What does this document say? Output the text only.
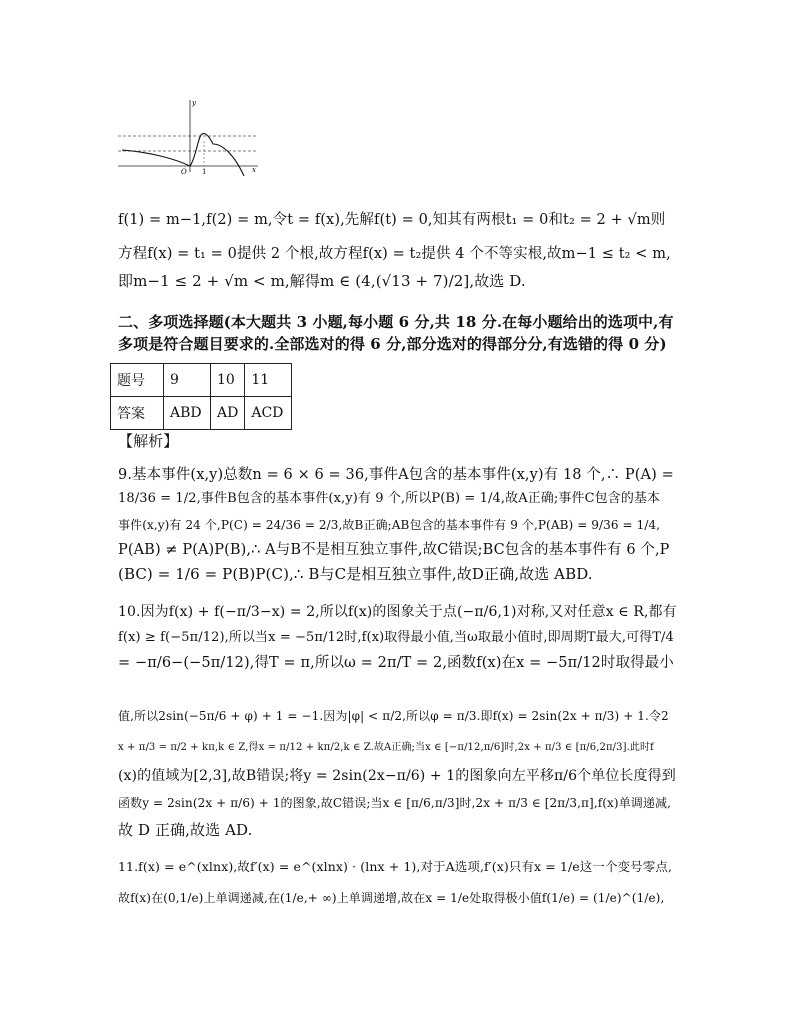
y
x
O 1
f(1) = m−1,f(2) = m,令t = f(x),先解f(t) = 0,知其有两根t₁ = 0和t₂ = 2 + √m则
方程f(x) = t₁ = 0提供 2 个根,故方程f(x) = t₂提供 4 个不等实根,故m−1 ≤ t₂ < m,
即m−1 ≤ 2 + √m < m,解得m ∈ (4,(√13 + 7)/2],故选 D.
二、多项选择题(本大题共 3 小题,每小题 6 分,共 18 分.在每小题给出的选项中,有
多项是符合题目要求的.全部选对的得 6 分,部分选对的得部分分,有选错的得 0 分)
题号	9	10	11
答案	ABD	AD	ACD
【解析】
9.基本事件(x,y)总数n = 6 × 6 = 36,事件A包含的基本事件(x,y)有 18 个,∴ P(A) =
18/36 = 1/2,事件B包含的基本事件(x,y)有 9 个,所以P(B) = 1/4,故A正确;事件C包含的基本
事件(x,y)有 24 个,P(C) = 24/36 = 2/3,故B正确;AB包含的基本事件有 9 个,P(AB) = 9/36 = 1/4,
P(AB) ≠ P(A)P(B),∴ A与B不是相互独立事件,故C错误;BC包含的基本事件有 6 个,P
(BC) = 1/6 = P(B)P(C),∴ B与C是相互独立事件,故D正确,故选 ABD.
10.因为f(x) + f(−π/3−x) = 2,所以f(x)的图象关于点(−π/6,1)对称,又对任意x ∈ R,都有
f(x) ≥ f(−5π/12),所以当x = −5π/12时,f(x)取得最小值,当ω取最小值时,即周期T最大,可得T/4
= −π/6−(−5π/12),得T = π,所以ω = 2π/T = 2,函数f(x)在x = −5π/12时取得最小
值,所以2sin(−5π/6 + φ) + 1 = −1.因为|φ| < π/2,所以φ = π/3.即f(x) = 2sin(2x + π/3) + 1.令2
x + π/3 = π/2 + kπ,k ∈ Z,得x = π/12 + kπ/2,k ∈ Z.故A正确;当x ∈ [−π/12,π/6]时,2x + π/3 ∈ [π/6,2π/3].此时f
(x)的值域为[2,3],故B错误;将y = 2sin(2x−π/6) + 1的图象向左平移π/6个单位长度得到
函数y = 2sin(2x + π/6) + 1的图象,故C错误;当x ∈ [π/6,π/3]时,2x + π/3 ∈ [2π/3,π],f(x)单调递减,
故 D 正确,故选 AD.
11.f(x) = e^(xlnx),故f′(x) = e^(xlnx) · (lnx + 1),对于A选项,f′(x)只有x = 1/e这一个变号零点,
故f(x)在(0,1/e)上单调递减,在(1/e,+ ∞)上单调递增,故在x = 1/e处取得极小值f(1/e) = (1/e)^(1/e),
